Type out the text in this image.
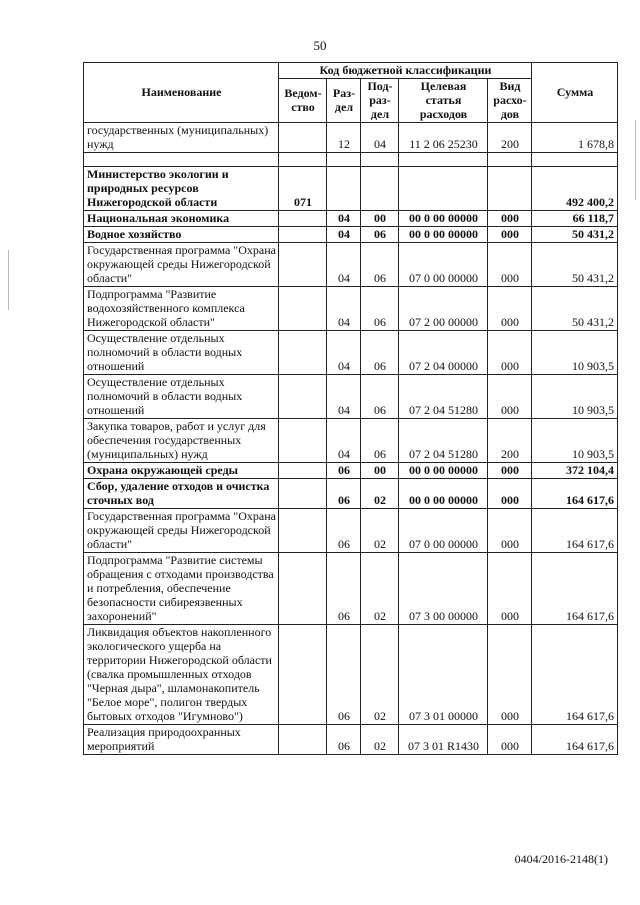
50
Наименование	Код бюджетной классификации					Сумма
	Ведом-ство	Раз-дел	Под-раз-дел	Целевая статья расходов	Вид расхо-дов	
государственных (муниципальных) нужд		12	04	11 2 06 25230	200	1 678,8

Министерство экологии и природных ресурсов Нижегородской области	071					492 400,2
Национальная экономика		04	00	00 0 00 00000	000	66 118,7
Водное хозяйство		04	06	00 0 00 00000	000	50 431,2
Государственная программа "Охрана окружающей среды Нижегородской области"		04	06	07 0 00 00000	000	50 431,2
Подпрограмма "Развитие водохозяйственного комплекса Нижегородской области"		04	06	07 2 00 00000	000	50 431,2
Осуществление отдельных полномочий в области водных отношений		04	06	07 2 04 00000	000	10 903,5
Осуществление отдельных полномочий в области водных отношений		04	06	07 2 04 51280	000	10 903,5
Закупка товаров, работ и услуг для обеспечения государственных (муниципальных) нужд		04	06	07 2 04 51280	200	10 903,5
Охрана окружающей среды		06	00	00 0 00 00000	000	372 104,4
Сбор, удаление отходов и очистка сточных вод		06	02	00 0 00 00000	000	164 617,6
Государственная программа "Охрана окружающей среды Нижегородской области"		06	02	07 0 00 00000	000	164 617,6
Подпрограмма "Развитие системы обращения с отходами производства и потребления, обеспечение безопасности сибиреязвенных захоронений"		06	02	07 3 00 00000	000	164 617,6
Ликвидация объектов накопленного экологического ущерба на территории Нижегородской области (свалка промышленных отходов "Черная дыра", шламонакопитель "Белое море", полигон твердых бытовых отходов "Игумново")		06	02	07 3 01 00000	000	164 617,6
Реализация природоохранных мероприятий		06	02	07 3 01 R1430	000	164 617,6
0404/2016-2148(1)
